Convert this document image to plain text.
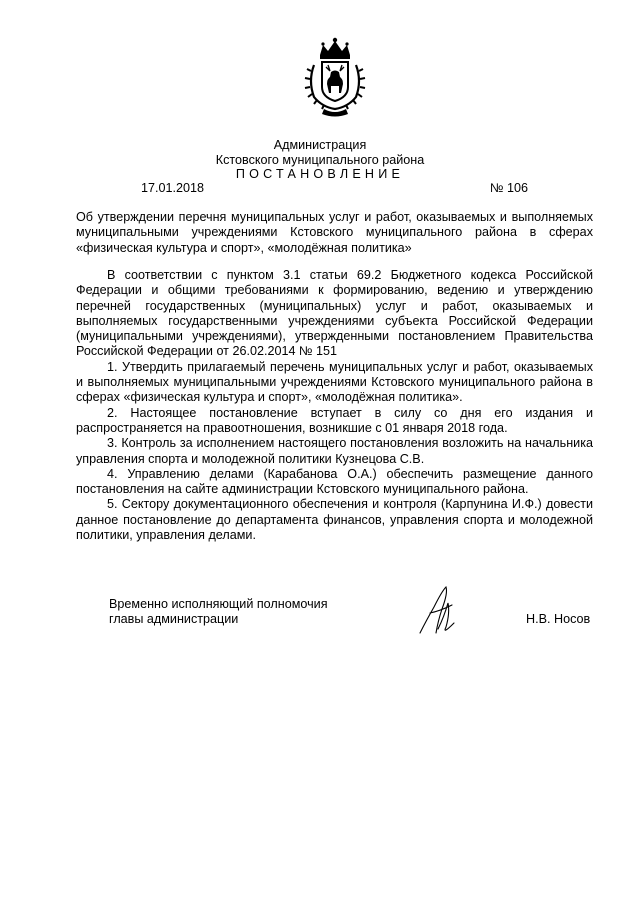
Администрация
Кстовского муниципального района
ПОСТАНОВЛЕНИЕ
17.01.2018	№ 106
Об утверждении перечня муниципальных услуг и работ, оказываемых и выполняемых муниципальными учреждениями Кстовского муниципального района в сферах «физическая культура и спорт», «молодёжная политика»

В соответствии с пунктом 3.1 статьи 69.2 Бюджетного кодекса Российской Федерации и общими требованиями к формированию, ведению и утверждению перечней государственных (муниципальных) услуг и работ, оказываемых и выполняемых государственными учреждениями субъекта Российской Федерации (муниципальными учреждениями), утвержденными постановлением Правительства Российской Федерации от 26.02.2014 № 151

1. Утвердить прилагаемый перечень муниципальных услуг и работ, оказываемых и выполняемых муниципальными учреждениями Кстовского муниципального района в сферах «физическая культура и спорт», «молодёжная политика».

2. Настоящее постановление вступает в силу со дня его издания и распространяется на правоотношения, возникшие с 01 января 2018 года.

3. Контроль за исполнением настоящего постановления возложить на начальника управления спорта и молодежной политики Кузнецова С.В.

4. Управлению делами (Карабанова О.А.) обеспечить размещение данного постановления на сайте администрации Кстовского муниципального района.

5. Сектору документационного обеспечения и контроля (Карпунина И.Ф.) довести данное постановление до департамента финансов, управления спорта и молодежной политики, управления делами.

Временно исполняющий полномочия
главы администрации	Н.В. Носов
